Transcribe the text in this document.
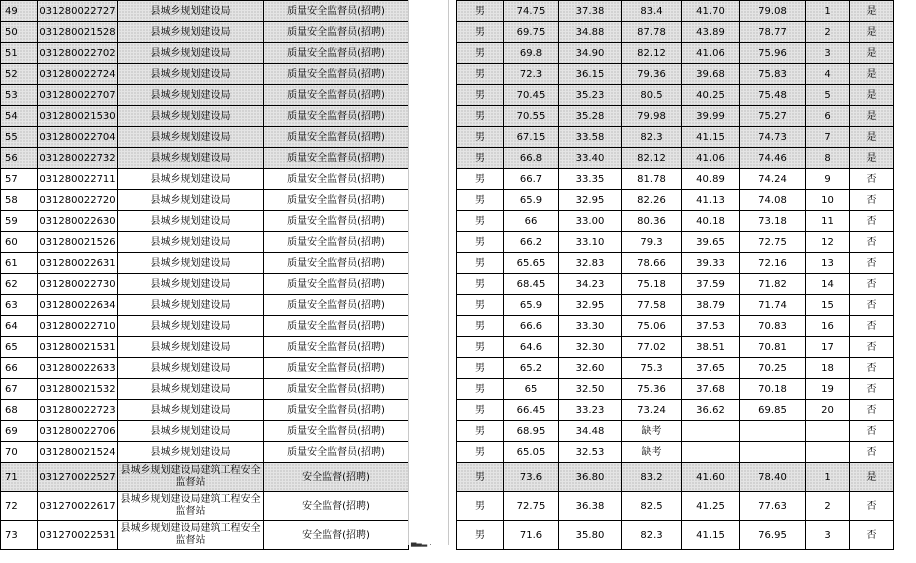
49	031280022727	县城乡规划建设局	质量安全监督员(招聘)		男	74.75	37.38	83.4	41.70	79.08	1	是
50	031280021528	县城乡规划建设局	质量安全监督员(招聘)		男	69.75	34.88	87.78	43.89	78.77	2	是
51	031280022702	县城乡规划建设局	质量安全监督员(招聘)		男	69.8	34.90	82.12	41.06	75.96	3	是
52	031280022724	县城乡规划建设局	质量安全监督员(招聘)		男	72.3	36.15	79.36	39.68	75.83	4	是
53	031280022707	县城乡规划建设局	质量安全监督员(招聘)		男	70.45	35.23	80.5	40.25	75.48	5	是
54	031280021530	县城乡规划建设局	质量安全监督员(招聘)		男	70.55	35.28	79.98	39.99	75.27	6	是
55	031280022704	县城乡规划建设局	质量安全监督员(招聘)		男	67.15	33.58	82.3	41.15	74.73	7	是
56	031280022732	县城乡规划建设局	质量安全监督员(招聘)		男	66.8	33.40	82.12	41.06	74.46	8	是
57	031280022711	县城乡规划建设局	质量安全监督员(招聘)		男	66.7	33.35	81.78	40.89	74.24	9	否
58	031280022720	县城乡规划建设局	质量安全监督员(招聘)		男	65.9	32.95	82.26	41.13	74.08	10	否
59	031280022630	县城乡规划建设局	质量安全监督员(招聘)		男	66	33.00	80.36	40.18	73.18	11	否
60	031280021526	县城乡规划建设局	质量安全监督员(招聘)		男	66.2	33.10	79.3	39.65	72.75	12	否
61	031280022631	县城乡规划建设局	质量安全监督员(招聘)		男	65.65	32.83	78.66	39.33	72.16	13	否
62	031280022730	县城乡规划建设局	质量安全监督员(招聘)		男	68.45	34.23	75.18	37.59	71.82	14	否
63	031280022634	县城乡规划建设局	质量安全监督员(招聘)		男	65.9	32.95	77.58	38.79	71.74	15	否
64	031280022710	县城乡规划建设局	质量安全监督员(招聘)		男	66.6	33.30	75.06	37.53	70.83	16	否
65	031280021531	县城乡规划建设局	质量安全监督员(招聘)		男	64.6	32.30	77.02	38.51	70.81	17	否
66	031280022633	县城乡规划建设局	质量安全监督员(招聘)		男	65.2	32.60	75.3	37.65	70.25	18	否
67	031280021532	县城乡规划建设局	质量安全监督员(招聘)		男	65	32.50	75.36	37.68	70.18	19	否
68	031280022723	县城乡规划建设局	质量安全监督员(招聘)		男	66.45	33.23	73.24	36.62	69.85	20	否
69	031280022706	县城乡规划建设局	质量安全监督员(招聘)		男	68.95	34.48	缺考				否
70	031280021524	县城乡规划建设局	质量安全监督员(招聘)		男	65.05	32.53	缺考				否
71	031270022527	县城乡规划建设局建筑工程安全监督站	安全监督(招聘)		男	73.6	36.80	83.2	41.60	78.40	1	是
72	031270022617	县城乡规划建设局建筑工程安全监督站	安全监督(招聘)		男	72.75	36.38	82.5	41.25	77.63	2	否
73	031270022531	县城乡规划建设局建筑工程安全监督站	安全监督(招聘)		男	71.6	35.80	82.3	41.15	76.95	3	否
▄▃▂ .
